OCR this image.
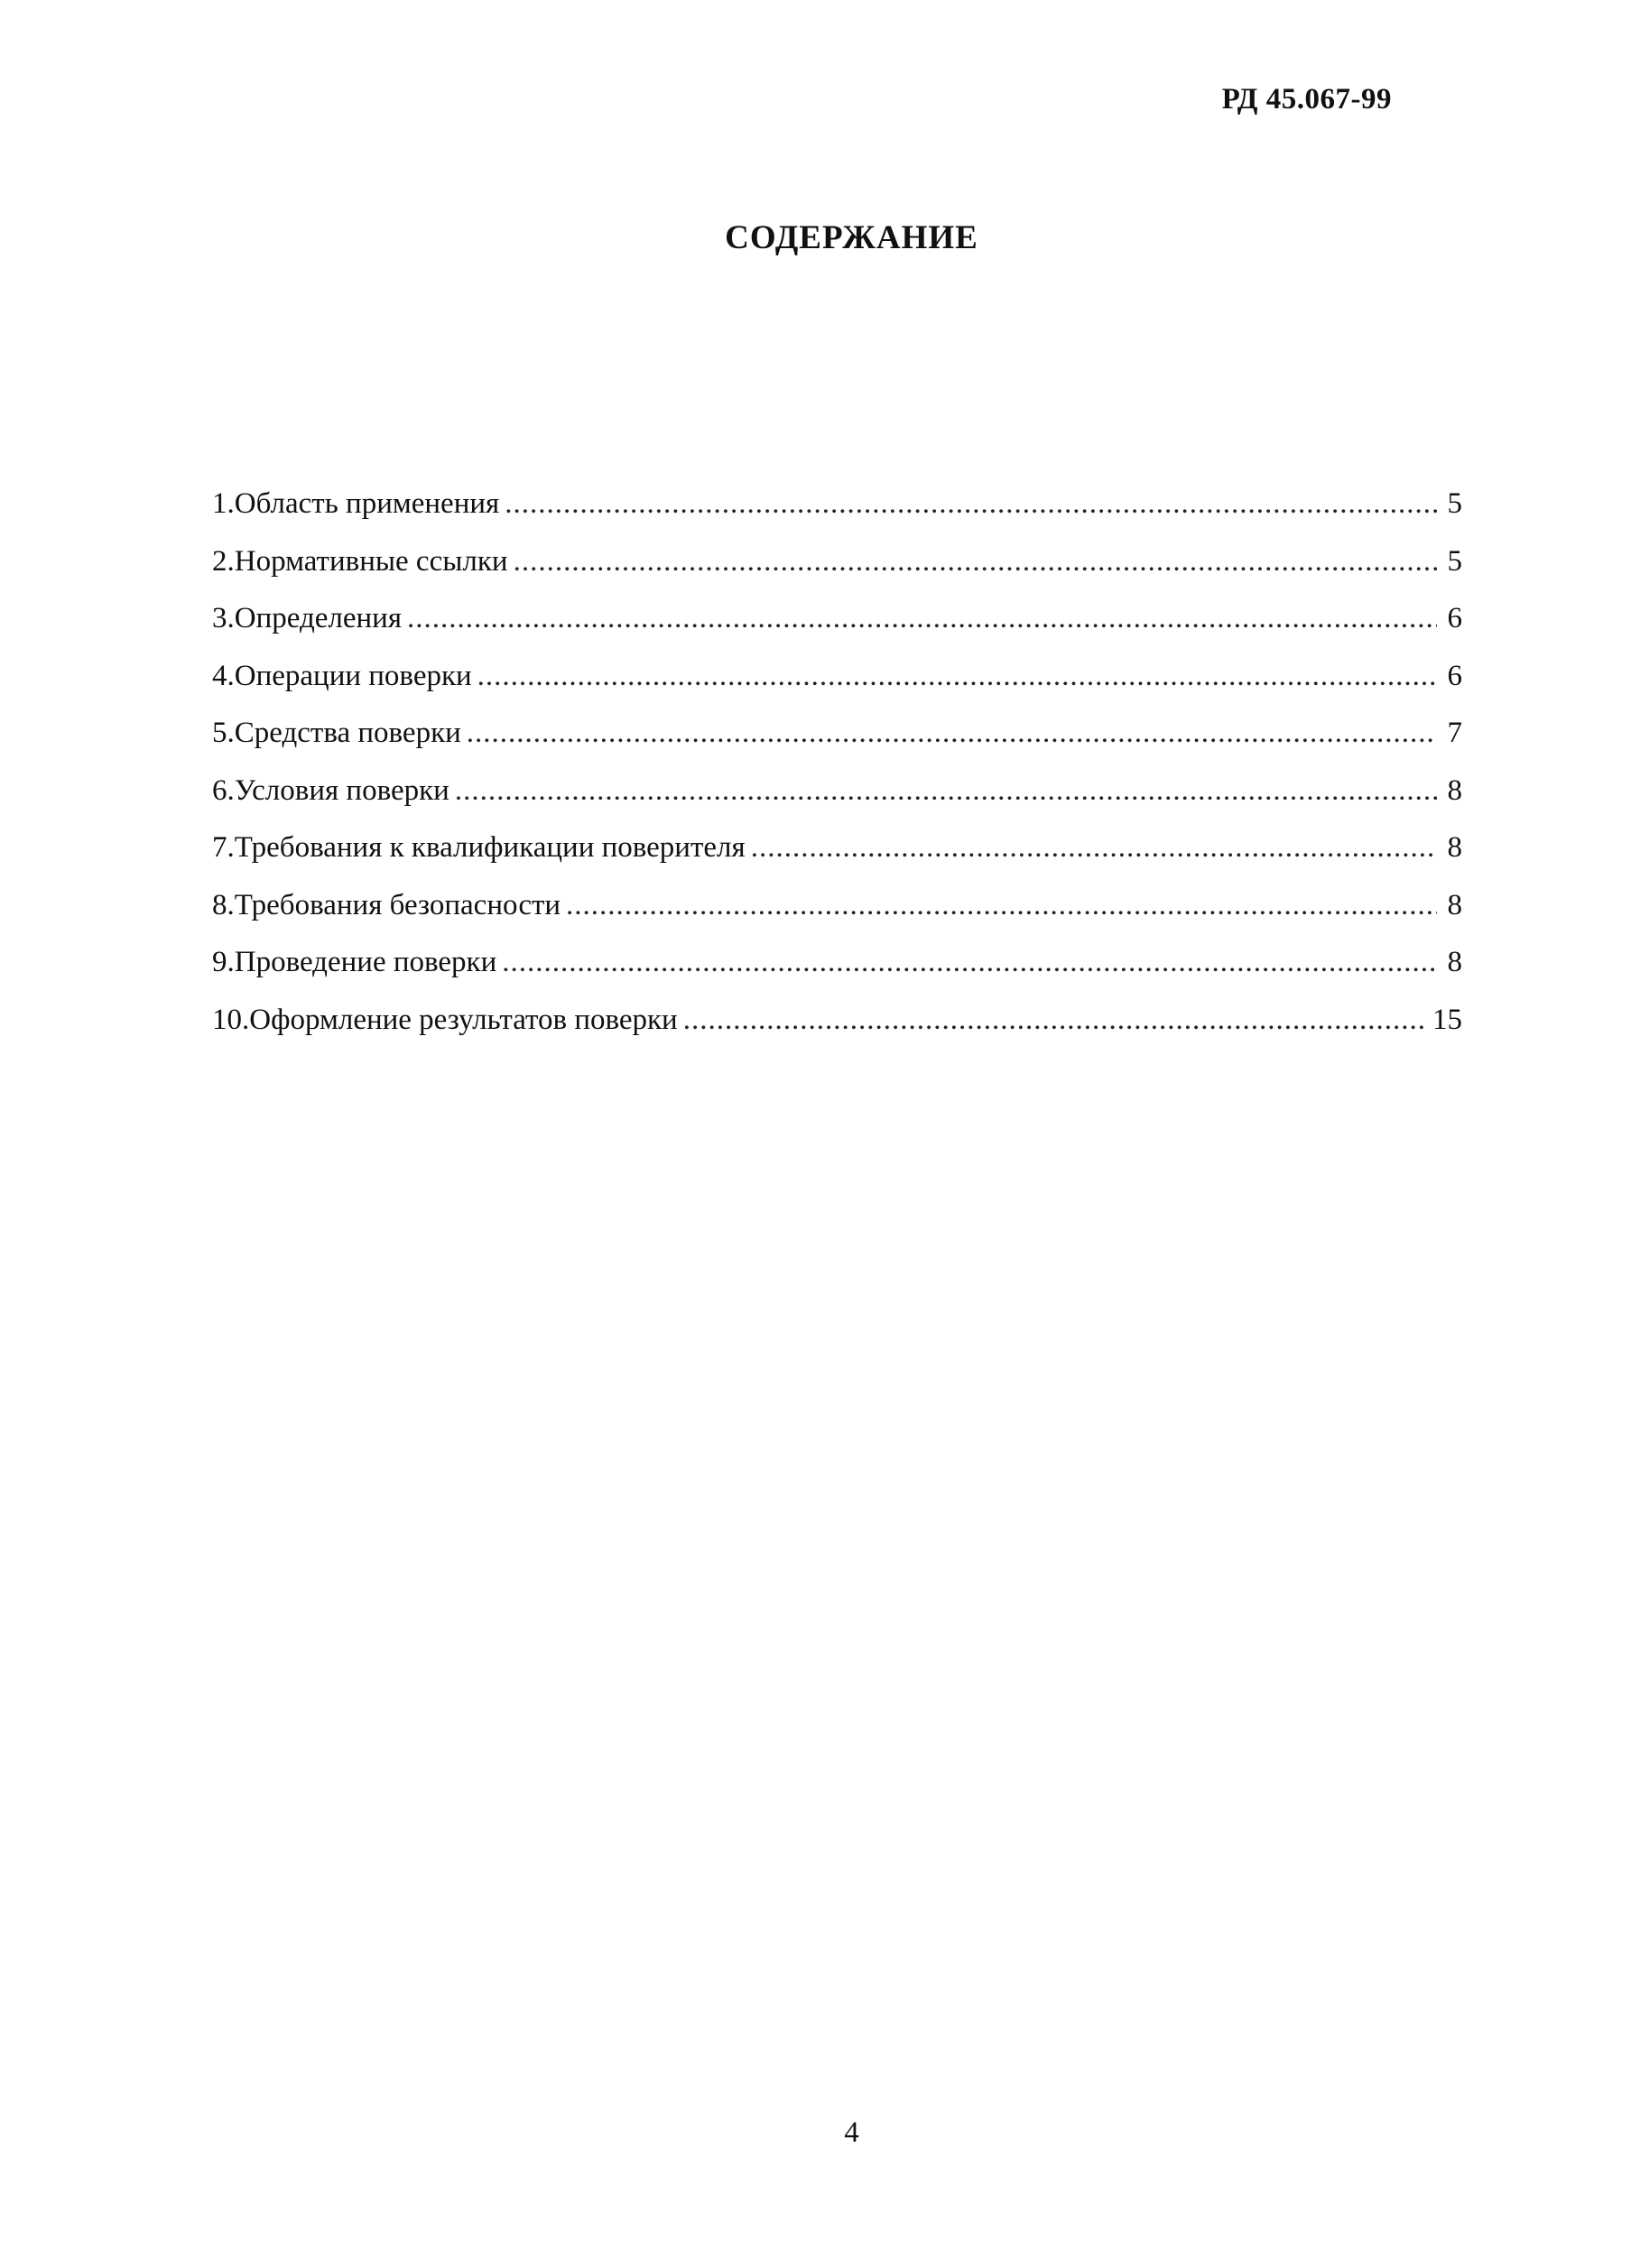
РД 45.067-99
СОДЕРЖАНИЕ
1.Область применения .....	5
2.Нормативные ссылки .....	5
3.Определения .....	6
4.Операции поверки .....	6
5.Средства поверки .....	7
6.Условия поверки .....	8
7.Требования к квалификации поверителя .....	8
8.Требования безопасности .....	8
9.Проведение поверки .....	8
10.Оформление результатов поверки .....	15
4
